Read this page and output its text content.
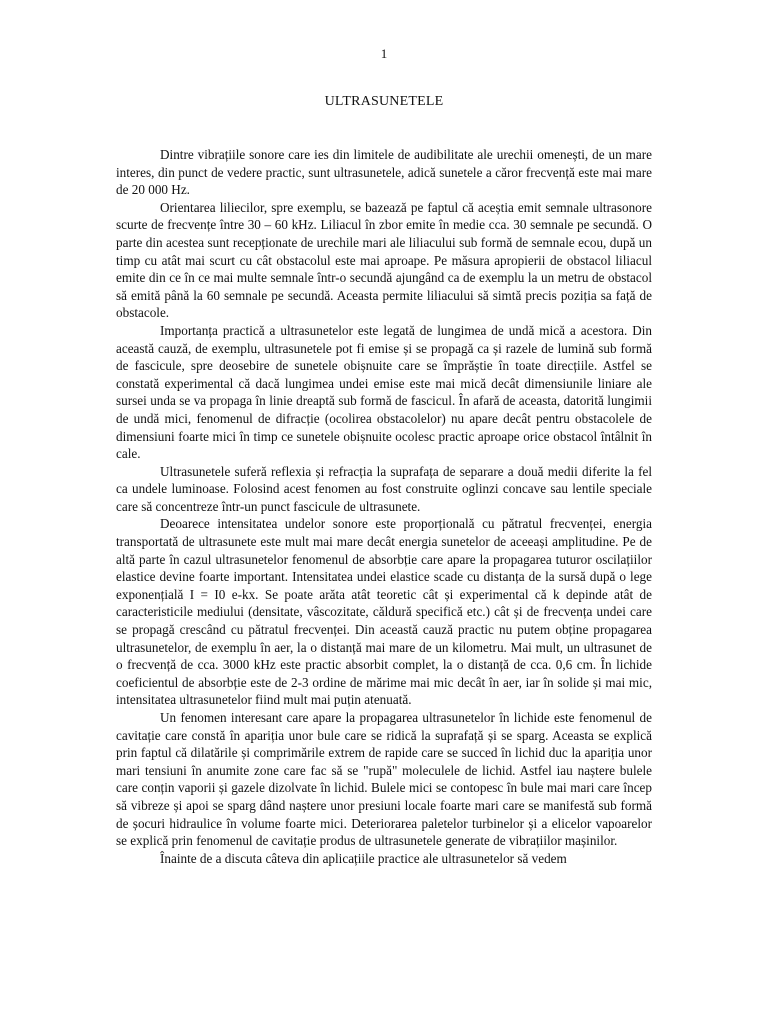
1
ULTRASUNETELE

Dintre vibrațiile sonore care ies din limitele de audibilitate ale urechii omenești, de un mare interes, din punct de vedere practic, sunt ultrasunetele, adică sunetele a căror frecvență este mai mare de 20 000 Hz.

Orientarea liliecilor, spre exemplu, se bazează pe faptul că aceștia emit semnale ultrasonore scurte de frecvențe între 30 – 60 kHz. Liliacul în zbor emite în medie cca. 30 semnale pe secundă. O parte din acestea sunt recepționate de urechile mari ale liliacului sub formă de semnale ecou, după un timp cu atât mai scurt cu cât obstacolul este mai aproape. Pe măsura apropierii de obstacol liliacul emite din ce în ce mai multe semnale într-o secundă ajungând ca de exemplu la un metru de obstacol să emită până la 60 semnale pe secundă. Aceasta permite liliacului să simtă precis poziția sa față de obstacole.

Importanța practică a ultrasunetelor este legată de lungimea de undă mică a acestora. Din această cauză, de exemplu, ultrasunetele pot fi emise și se propagă ca și razele de lumină sub formă de fascicule, spre deosebire de sunetele obișnuite care se împrăștie în toate direcțiile. Astfel se constată experimental că dacă lungimea undei emise este mai mică decât dimensiunile liniare ale sursei unda se va propaga în linie dreaptă sub formă de fascicul. În afară de aceasta, datorită lungimii de undă mici, fenomenul de difracție (ocolirea obstacolelor) nu apare decât pentru obstacolele de dimensiuni foarte mici în timp ce sunetele obișnuite ocolesc practic aproape orice obstacol întâlnit în cale.

Ultrasunetele suferă reflexia și refracția la suprafața de separare a două medii diferite la fel ca undele luminoase. Folosind acest fenomen au fost construite oglinzi concave sau lentile speciale care să concentreze într-un punct fascicule de ultrasunete.

Deoarece intensitatea undelor sonore este proporțională cu pătratul frecvenței, energia transportată de ultrasunete este mult mai mare decât energia sunetelor de aceeași amplitudine. Pe de altă parte în cazul ultrasunetelor fenomenul de absorbție care apare la propagarea tuturor oscilațiilor elastice devine foarte important. Intensitatea undei elastice scade cu distanța de la sursă după o lege exponențială I = I0 e-kx. Se poate arăta atât teoretic cât și experimental că k depinde atât de caracteristicile mediului (densitate, vâscozitate, căldură specifică etc.) cât și de frecvența undei care se propagă crescând cu pătratul frecvenței. Din această cauză practic nu putem obține propagarea ultrasunetelor, de exemplu în aer, la o distanță mai mare de un kilometru. Mai mult, un ultrasunet de o frecvență de cca. 3000 kHz este practic absorbit complet, la o distanță de cca. 0,6 cm. În lichide coeficientul de absorbție este de 2-3 ordine de mărime mai mic decât în aer, iar în solide și mai mic, intensitatea ultrasunetelor fiind mult mai puțin atenuată.

Un fenomen interesant care apare la propagarea ultrasunetelor în lichide este fenomenul de cavitație care constă în apariția unor bule care se ridică la suprafață și se sparg. Aceasta se explică prin faptul că dilatările și comprimările extrem de rapide care se succed în lichid duc la apariția unor mari tensiuni în anumite zone care fac să se "rupă" moleculele de lichid. Astfel iau naștere bulele care conțin vaporii și gazele dizolvate în lichid. Bulele mici se contopesc în bule mai mari care încep să vibreze și apoi se sparg dând naștere unor presiuni locale foarte mari care se manifestă sub formă de șocuri hidraulice în volume foarte mici. Deteriorarea paletelor turbinelor și a elicelor vapoarelor se explică prin fenomenul de cavitație produs de ultrasunetele generate de vibrațiilor mașinilor.

Înainte de a discuta câteva din aplicațiile practice ale ultrasunetelor să vedem
